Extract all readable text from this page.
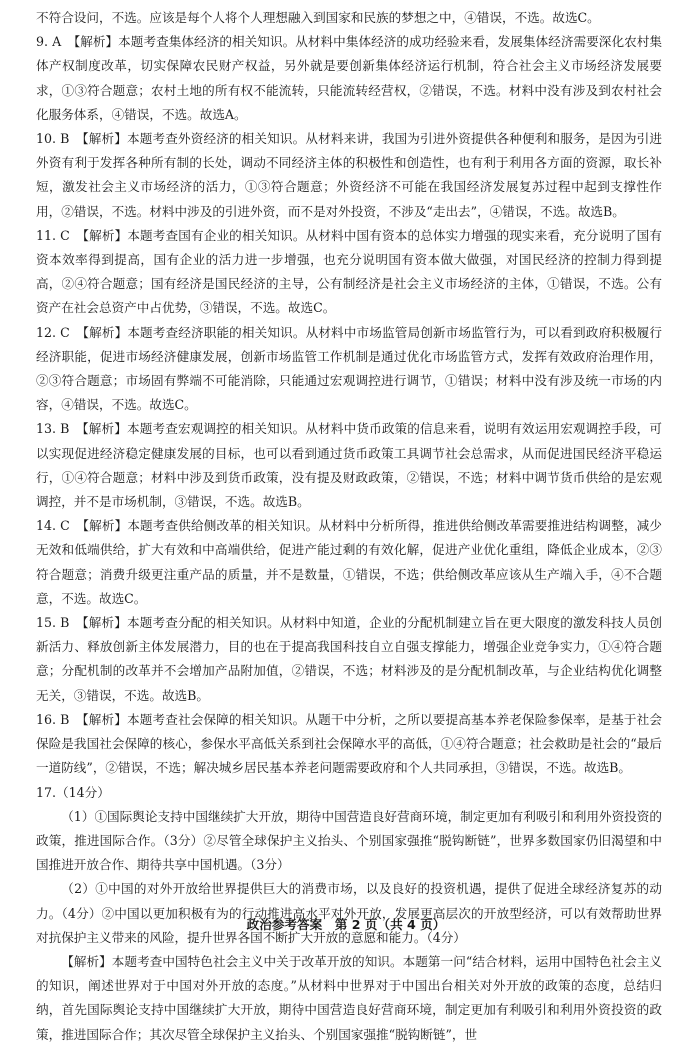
不符合设问，不选。应该是每个人将个人理想融入到国家和民族的梦想之中，④错误，不选。故选C。

9. A　【解析】本题考查集体经济的相关知识。从材料中集体经济的成功经验来看，发展集体经济需要深化农村集体产权制度改革，切实保障农民财产权益，另外就是要创新集体经济运行机制，符合社会主义市场经济发展要求，①③符合题意；农村土地的所有权不能流转，只能流转经营权，②错误，不选。材料中没有涉及到农村社会化服务体系，④错误，不选。故选A。

10. B　【解析】本题考查外资经济的相关知识。从材料来讲，我国为引进外资提供各种便利和服务，是因为引进外资有利于发挥各种所有制的长处，调动不同经济主体的积极性和创造性，也有利于利用各方面的资源，取长补短，激发社会主义市场经济的活力，①③符合题意；外资经济不可能在我国经济发展复苏过程中起到支撑性作用，②错误，不选。材料中涉及的引进外资，而不是对外投资，不涉及“走出去”，④错误，不选。故选B。

11. C　【解析】本题考查国有企业的相关知识。从材料中国有资本的总体实力增强的现实来看，充分说明了国有资本效率得到提高，国有企业的活力进一步增强，也充分说明国有资本做大做强，对国民经济的控制力得到提高，②④符合题意；国有经济是国民经济的主导，公有制经济是社会主义市场经济的主体，①错误，不选。公有资产在社会总资产中占优势，③错误，不选。故选C。

12. C　【解析】本题考查经济职能的相关知识。从材料中市场监管局创新市场监管行为，可以看到政府积极履行经济职能，促进市场经济健康发展，创新市场监管工作机制是通过优化市场监管方式，发挥有效政府治理作用，②③符合题意；市场固有弊端不可能消除，只能通过宏观调控进行调节，①错误；材料中没有涉及统一市场的内容，④错误，不选。故选C。

13. B　【解析】本题考查宏观调控的相关知识。从材料中货币政策的信息来看，说明有效运用宏观调控手段，可以实现促进经济稳定健康发展的目标，也可以看到通过货币政策工具调节社会总需求，从而促进国民经济平稳运行，①④符合题意；材料中涉及到货币政策，没有提及财政政策，②错误，不选；材料中调节货币供给的是宏观调控，并不是市场机制，③错误，不选。故选B。

14. C　【解析】本题考查供给侧改革的相关知识。从材料中分析所得，推进供给侧改革需要推进结构调整，减少无效和低端供给，扩大有效和中高端供给，促进产能过剩的有效化解，促进产业优化重组，降低企业成本，②③符合题意；消费升级更注重产品的质量，并不是数量，①错误，不选；供给侧改革应该从生产端入手，④不合题意，不选。故选C。

15. B　【解析】本题考查分配的相关知识。从材料中知道，企业的分配机制建立旨在更大限度的激发科技人员创新活力、释放创新主体发展潜力，目的也在于提高我国科技自立自强支撑能力，增强企业竞争实力，①④符合题意；分配机制的改革并不会增加产品附加值，②错误，不选；材料涉及的是分配机制改革，与企业结构优化调整无关，③错误，不选。故选B。

16. B　【解析】本题考查社会保障的相关知识。从题干中分析，之所以要提高基本养老保险参保率，是基于社会保险是我国社会保障的核心，参保水平高低关系到社会保障水平的高低，①④符合题意；社会救助是社会的“最后一道防线”，②错误，不选；解决城乡居民基本养老问题需要政府和个人共同承担，③错误，不选。故选B。

17.（14分）

（1）①国际舆论支持中国继续扩大开放，期待中国营造良好营商环境，制定更加有利吸引和利用外资投资的政策，推进国际合作。（3分）②尽管全球保护主义抬头、个别国家强推“脱钩断链”，世界多数国家仍旧渴望和中国推进开放合作、期待共享中国机遇。（3分）

（2）①中国的对外开放给世界提供巨大的消费市场，以及良好的投资机遇，提供了促进全球经济复苏的动力。（4分）②中国以更加积极有为的行动推进高水平对外开放，发展更高层次的开放型经济，可以有效帮助世界对抗保护主义带来的风险，提升世界各国不断扩大开放的意愿和能力。（4分）

【解析】本题考查中国特色社会主义中关于改革开放的知识。本题第一问“结合材料，运用中国特色社会主义的知识，阐述世界对于中国对外开放的态度。”从材料中世界对于中国出台相关对外开放的政策的态度，总结归纳，首先国际舆论支持中国继续扩大开放，期待中国营造良好营商环境，制定更加有利吸引和利用外资投资的政策，推进国际合作；其次尽管全球保护主义抬头、个别国家强推“脱钩断链”，世

政治参考答案　第 2 页（共 4 页）
